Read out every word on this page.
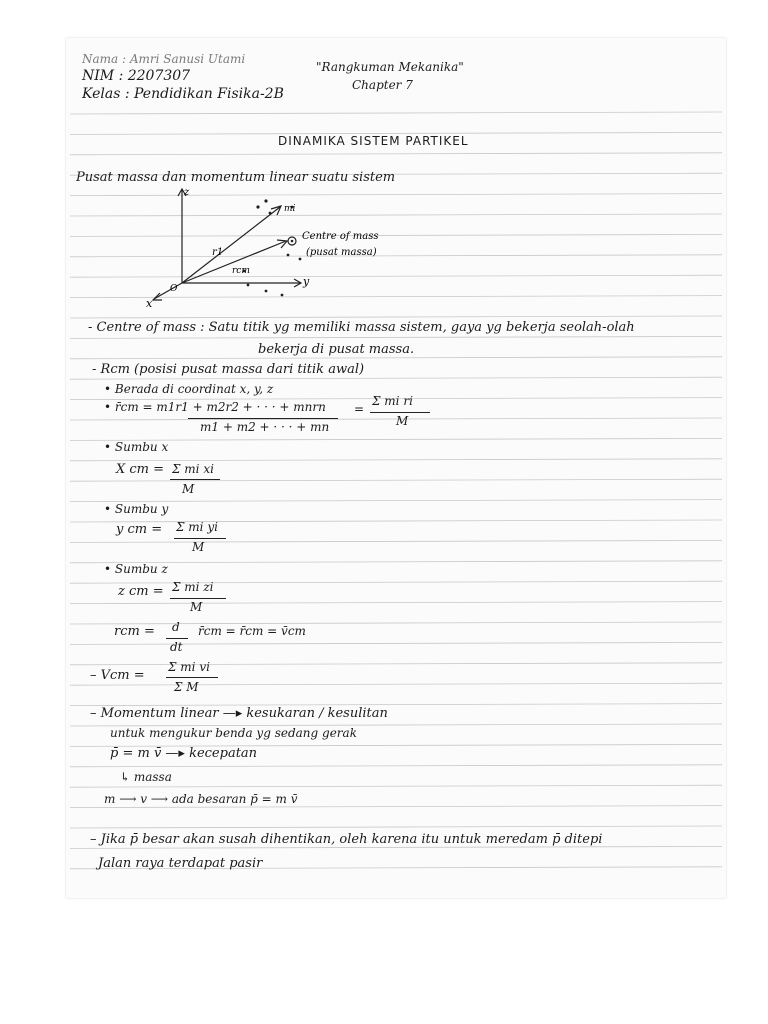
Nama : Amri Sanusi Utami
NIM : 2207307
Kelas : Pendidikan Fisika-2B
"Rangkuman Mekanika"
Chapter 7
DINAMIKA SISTEM PARTIKEL
Pusat massa dan momentum linear suatu sistem
z
y
x
mi
r1
rcm
O
Centre of mass
(pusat massa)
- Centre of mass : Satu titik yg memiliki massa sistem, gaya yg bekerja seolah-olah
bekerja di pusat massa.
- Rcm (posisi pusat massa dari titik awal)
• Berada di coordinat x, y, z
• r̄cm = m1r1 + m2r2 + · · · + mnrn
m1 + m2 + · · · + mn
=
Σ mi ri
M
• Sumbu x
X cm = Σ mi xi
M
• Sumbu y
y cm = Σ mi yi
M
• Sumbu z
z cm = Σ mi zi
M
rcm = d
dt
r̄cm = r̄cm = v̄cm
– Vcm =
Σ mi vi
Σ M
– Momentum linear —▸ kesukaran / kesulitan
untuk mengukur benda yg sedang gerak
p̄ = m v̄ —▸ kecepatan
↳ massa
m ⟶ v ⟶ ada besaran p̄ = m v̄
– Jika p̄ besar akan susah dihentikan, oleh karena itu untuk meredam p̄ ditepi
Jalan raya terdapat pasir
